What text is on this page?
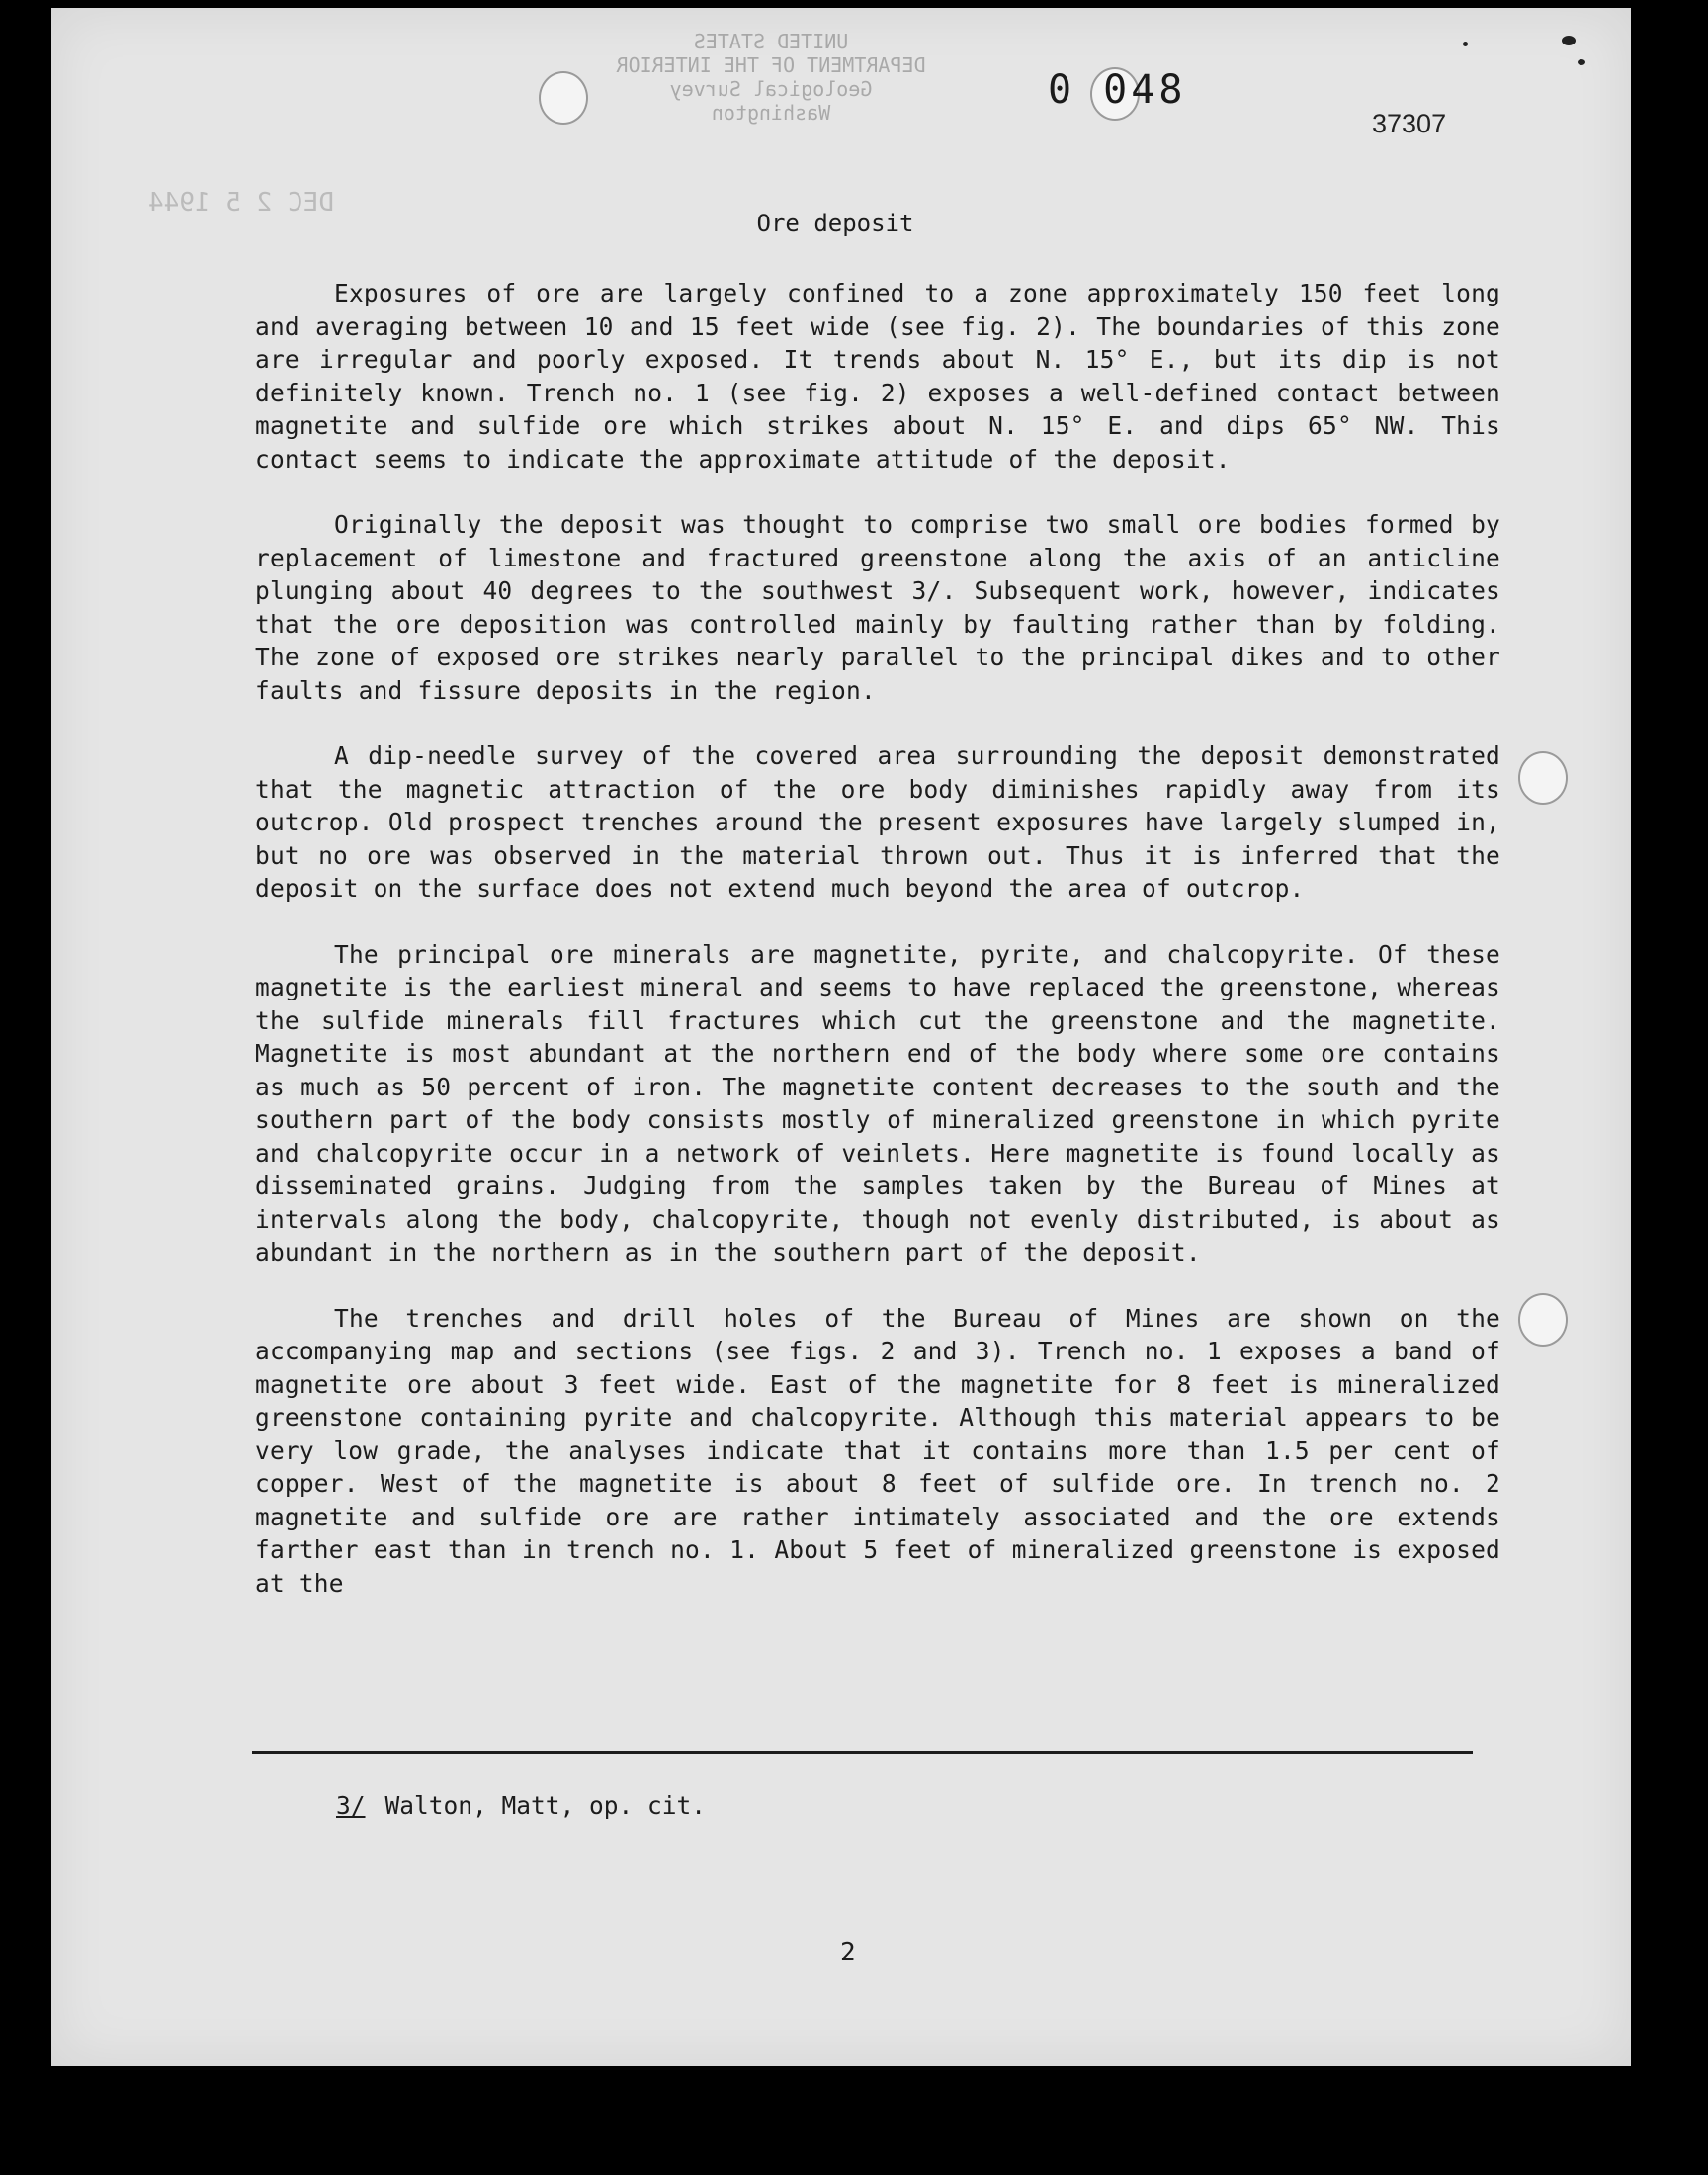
UNITED STATES
DEPARTMENT OF THE INTERIOR
Geological Survey
Washington
DEC 2 5 1944
0 048
37307
Ore deposit

Exposures of ore are largely confined to a zone approximately 150 feet long and averaging between 10 and 15 feet wide (see fig. 2). The boundaries of this zone are irregular and poorly exposed. It trends about N. 15° E., but its dip is not definitely known. Trench no. 1 (see fig. 2) exposes a well-defined contact between magnetite and sulfide ore which strikes about N. 15° E. and dips 65° NW. This contact seems to indicate the approximate attitude of the deposit.

Originally the deposit was thought to comprise two small ore bodies formed by replacement of limestone and fractured greenstone along the axis of an anticline plunging about 40 degrees to the southwest 3/. Subsequent work, however, indicates that the ore deposition was controlled mainly by faulting rather than by folding. The zone of exposed ore strikes nearly parallel to the principal dikes and to other faults and fissure deposits in the region.

A dip-needle survey of the covered area surrounding the deposit demonstrated that the magnetic attraction of the ore body diminishes rapidly away from its outcrop. Old prospect trenches around the present exposures have largely slumped in, but no ore was observed in the material thrown out. Thus it is inferred that the deposit on the surface does not extend much beyond the area of outcrop.

The principal ore minerals are magnetite, pyrite, and chalcopyrite. Of these magnetite is the earliest mineral and seems to have replaced the greenstone, whereas the sulfide minerals fill fractures which cut the greenstone and the magnetite. Magnetite is most abundant at the northern end of the body where some ore contains as much as 50 percent of iron. The magnetite content decreases to the south and the southern part of the body consists mostly of mineralized greenstone in which pyrite and chalcopyrite occur in a network of veinlets. Here magnetite is found locally as disseminated grains. Judging from the samples taken by the Bureau of Mines at intervals along the body, chalcopyrite, though not evenly distributed, is about as abundant in the northern as in the southern part of the deposit.

The trenches and drill holes of the Bureau of Mines are shown on the accompanying map and sections (see figs. 2 and 3). Trench no. 1 exposes a band of magnetite ore about 3 feet wide. East of the magnetite for 8 feet is mineralized greenstone containing pyrite and chalcopyrite. Although this material appears to be very low grade, the analyses indicate that it contains more than 1.5 per cent of copper. West of the magnetite is about 8 feet of sulfide ore. In trench no. 2 magnetite and sulfide ore are rather intimately associated and the ore extends farther east than in trench no. 1. About 5 feet of mineralized greenstone is exposed at the

3/ Walton, Matt, op. cit.
2
